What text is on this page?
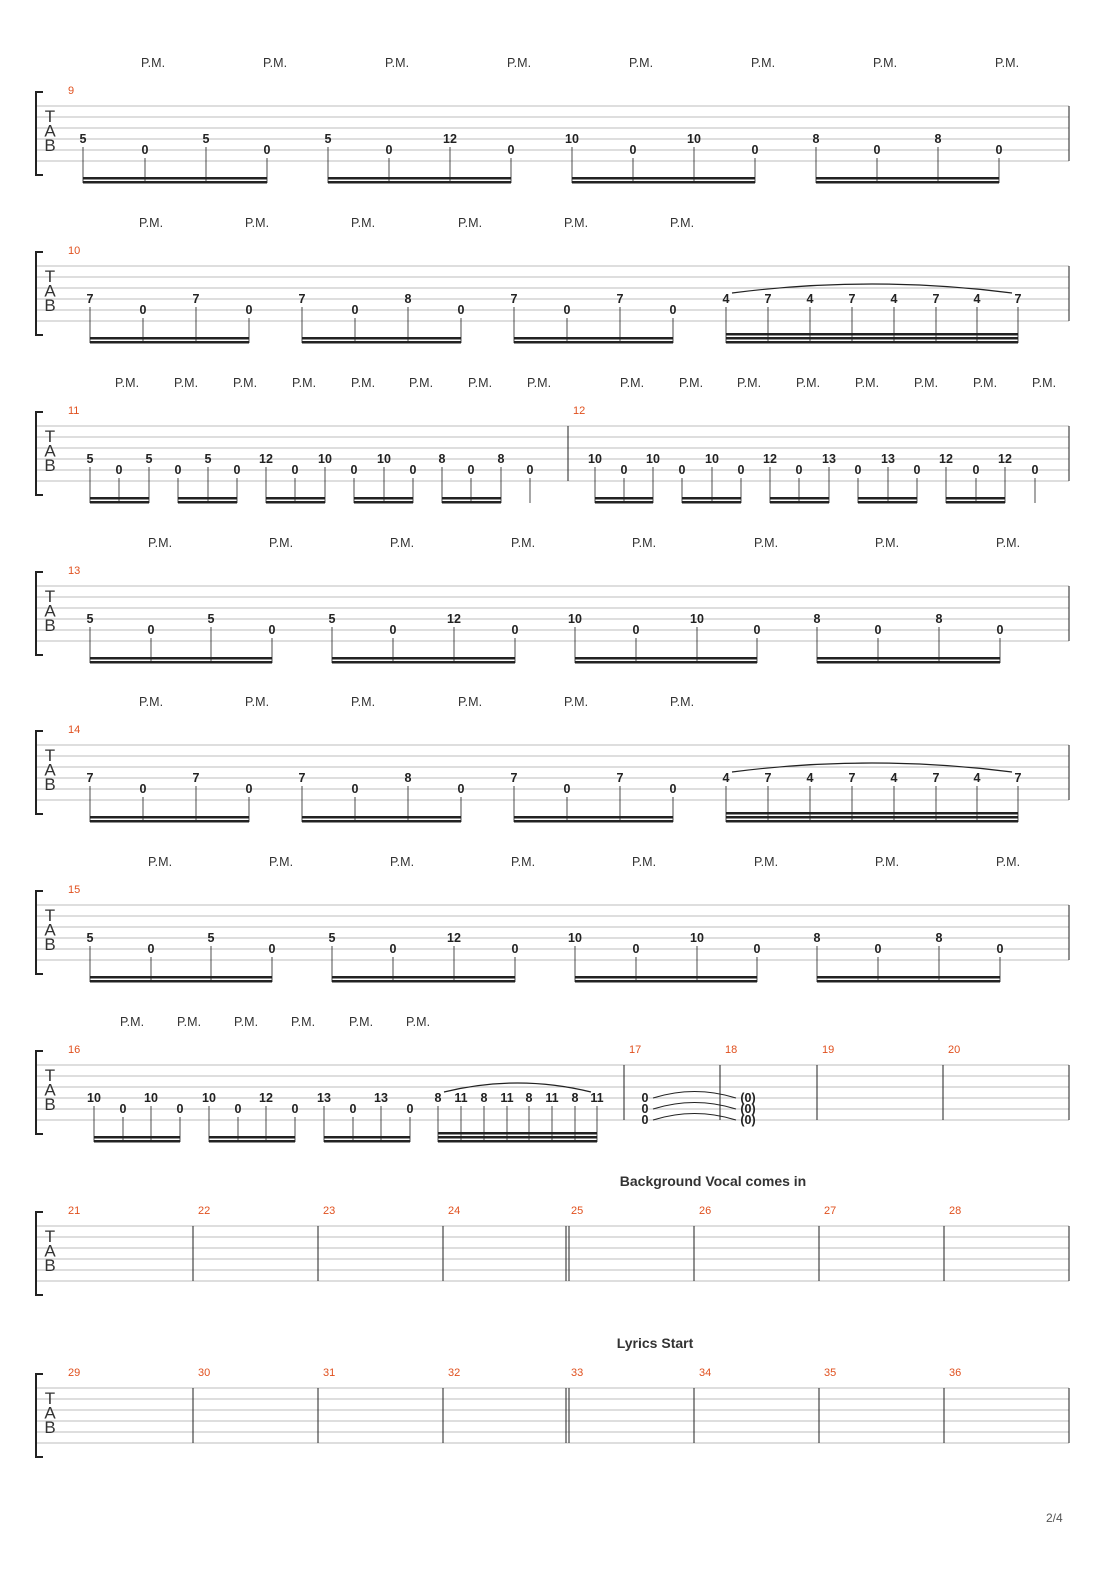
T
A
B
9
P.M.	P.M.	P.M.	P.M.	P.M.	P.M.	P.M.	P.M.
5
0
5
0
5
0
12
0
10
0
10
0
8
0
8
0
T
A
B
10
P.M.	P.M.	P.M.	P.M.	P.M.	P.M.
7
0
7
0
7
0
8
0
7
0
7
0
4	7	4	7	4	7	4	7
T
A
B
11
P.M.	P.M.	P.M.	P.M.	P.M.	P.M.	P.M.	P.M.
5
0
5
0
5
0
12
0
10
0
10
0
8
0
8
0
12
P.M.	P.M.	P.M.	P.M.	P.M.	P.M.	P.M.	P.M.
10
0
10
0
10
0
12
0
13
0
13
0
12
0
12
0
T
A
B
13
P.M.	P.M.	P.M.	P.M.	P.M.	P.M.	P.M.	P.M.
5
0
5
0
5
0
12
0
10
0
10
0
8
0
8
0
T
A
B
14
P.M.	P.M.	P.M.	P.M.	P.M.	P.M.
7
0
7
0
7
0
8
0
7
0
7
0
4	7	4	7	4	7	4	7
T
A
B
15
P.M.	P.M.	P.M.	P.M.	P.M.	P.M.	P.M.	P.M.
5
0
5
0
5
0
12
0
10
0
10
0
8
0
8
0
T
A
B
16
P.M.	P.M.	P.M.	P.M.	P.M.	P.M.
10
0
10
0
10
0
12
0
13
0
13
0
8 11 8 11 8 11 8 11
17
0
0
0
18
(0)
(0)
(0)
19	20
T
A
B
Background Vocal comes in
21	22	23	24	25	26	27	28
T
A
B
Lyrics Start
29	30	31	32	33	34	35	36
2/4
